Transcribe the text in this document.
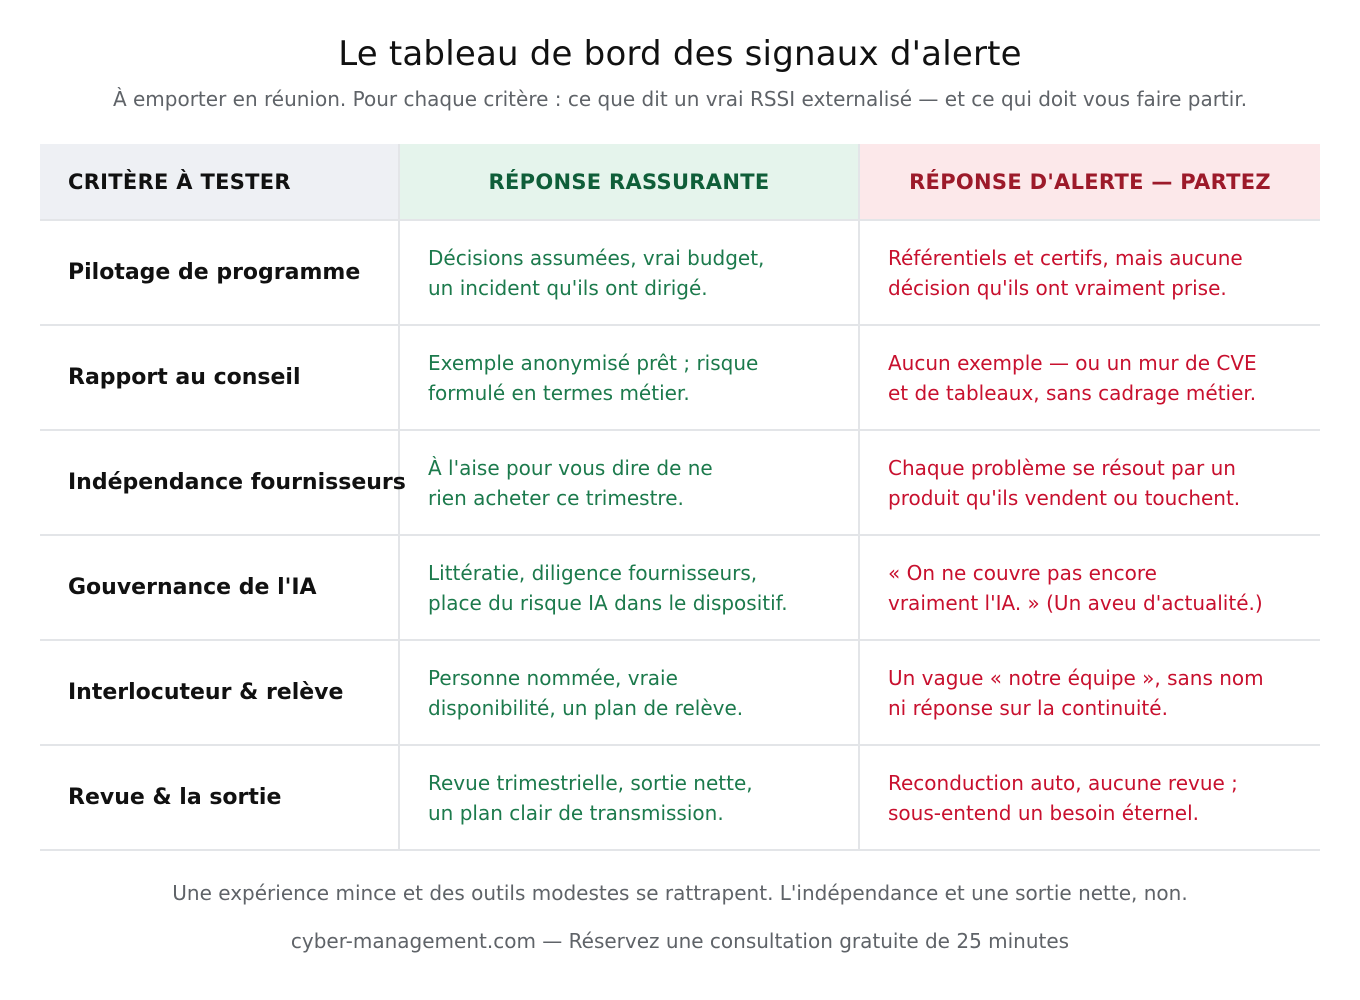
Le tableau de bord des signaux d'alerte
À emporter en réunion. Pour chaque critère : ce que dit un vrai RSSI externalisé — et ce qui doit vous faire partir.
CRITÈRE À TESTER	RÉPONSE RASSURANTE	RÉPONSE D'ALERTE — PARTEZ
Pilotage de programme
Décisions assumées, vrai budget,
un incident qu'ils ont dirigé.
Référentiels et certifs, mais aucune
décision qu'ils ont vraiment prise.
Rapport au conseil
Exemple anonymisé prêt ; risque
formulé en termes métier.
Aucun exemple — ou un mur de CVE
et de tableaux, sans cadrage métier.
Indépendance fournisseurs
À l'aise pour vous dire de ne
rien acheter ce trimestre.
Chaque problème se résout par un
produit qu'ils vendent ou touchent.
Gouvernance de l'IA
Littératie, diligence fournisseurs,
place du risque IA dans le dispositif.
« On ne couvre pas encore
vraiment l'IA. » (Un aveu d'actualité.)
Interlocuteur & relève
Personne nommée, vraie
disponibilité, un plan de relève.
Un vague « notre équipe », sans nom
ni réponse sur la continuité.
Revue & la sortie
Revue trimestrielle, sortie nette,
un plan clair de transmission.
Reconduction auto, aucune revue ;
sous-entend un besoin éternel.
Une expérience mince et des outils modestes se rattrapent. L'indépendance et une sortie nette, non.
cyber-management.com — Réservez une consultation gratuite de 25 minutes
